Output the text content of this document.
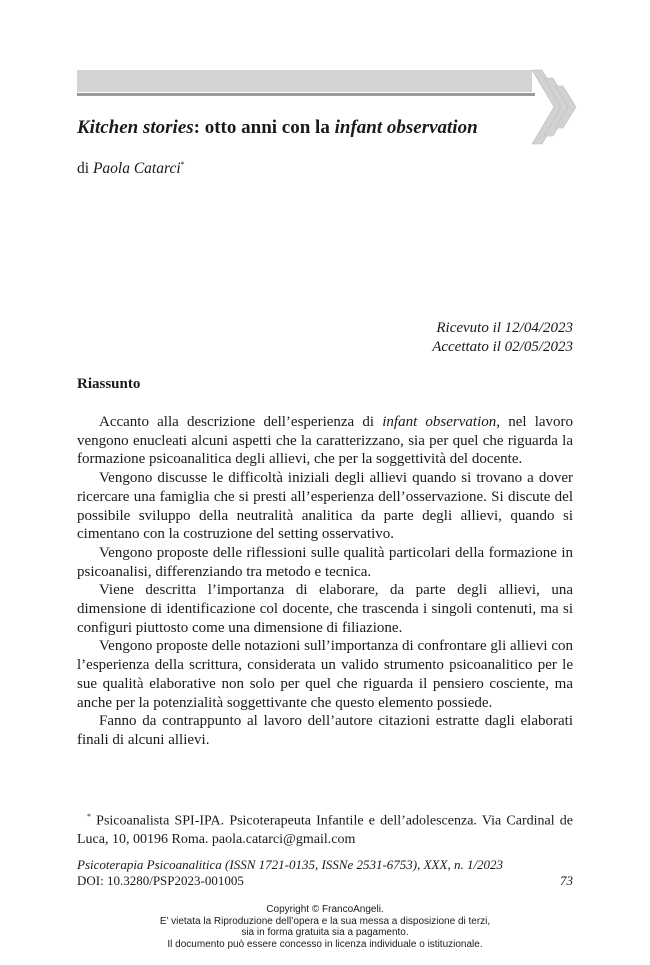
Kitchen stories: otto anni con la infant observation
di Paola Catarci*
Ricevuto il 12/04/2023
Accettato il 02/05/2023
Riassunto

Accanto alla descrizione dell’esperienza di infant observation, nel lavoro vengono enucleati alcuni aspetti che la caratterizzano, sia per quel che riguarda la formazione psicoanalitica degli allievi, che per la soggettività del docente.

Vengono discusse le difficoltà iniziali degli allievi quando si trovano a dover ricercare una famiglia che si presti all’esperienza dell’osservazione. Si discute del possibile sviluppo della neutralità analitica da parte degli allievi, quando si cimentano con la costruzione del setting osservativo.

Vengono proposte delle riflessioni sulle qualità particolari della formazione in psicoanalisi, differenziando tra metodo e tecnica.

Viene descritta l’importanza di elaborare, da parte degli allievi, una dimensione di identificazione col docente, che trascenda i singoli contenuti, ma si configuri piuttosto come una dimensione di filiazione.

Vengono proposte delle notazioni sull’importanza di confrontare gli allievi con l’esperienza della scrittura, considerata un valido strumento psicoanalitico per le sue qualità elaborative non solo per quel che riguarda il pensiero cosciente, ma anche per la potenzialità soggettivante che questo elemento possiede.

Fanno da contrappunto al lavoro dell’autore citazioni estratte dagli elaborati finali di alcuni allievi.

* Psicoanalista SPI-IPA. Psicoterapeuta Infantile e dell’adolescenza. Via Cardinal de Luca, 10, 00196 Roma. paola.catarci@gmail.com
Psicoterapia Psicoanalitica (ISSN 1721-0135, ISSNe 2531-6753), XXX, n. 1/2023
DOI: 10.3280/PSP2023-001005	73
Copyright © FrancoAngeli.
E’ vietata la Riproduzione dell’opera e la sua messa a disposizione di terzi,
sia in forma gratuita sia a pagamento.
Il documento può essere concesso in licenza individuale o istituzionale.
